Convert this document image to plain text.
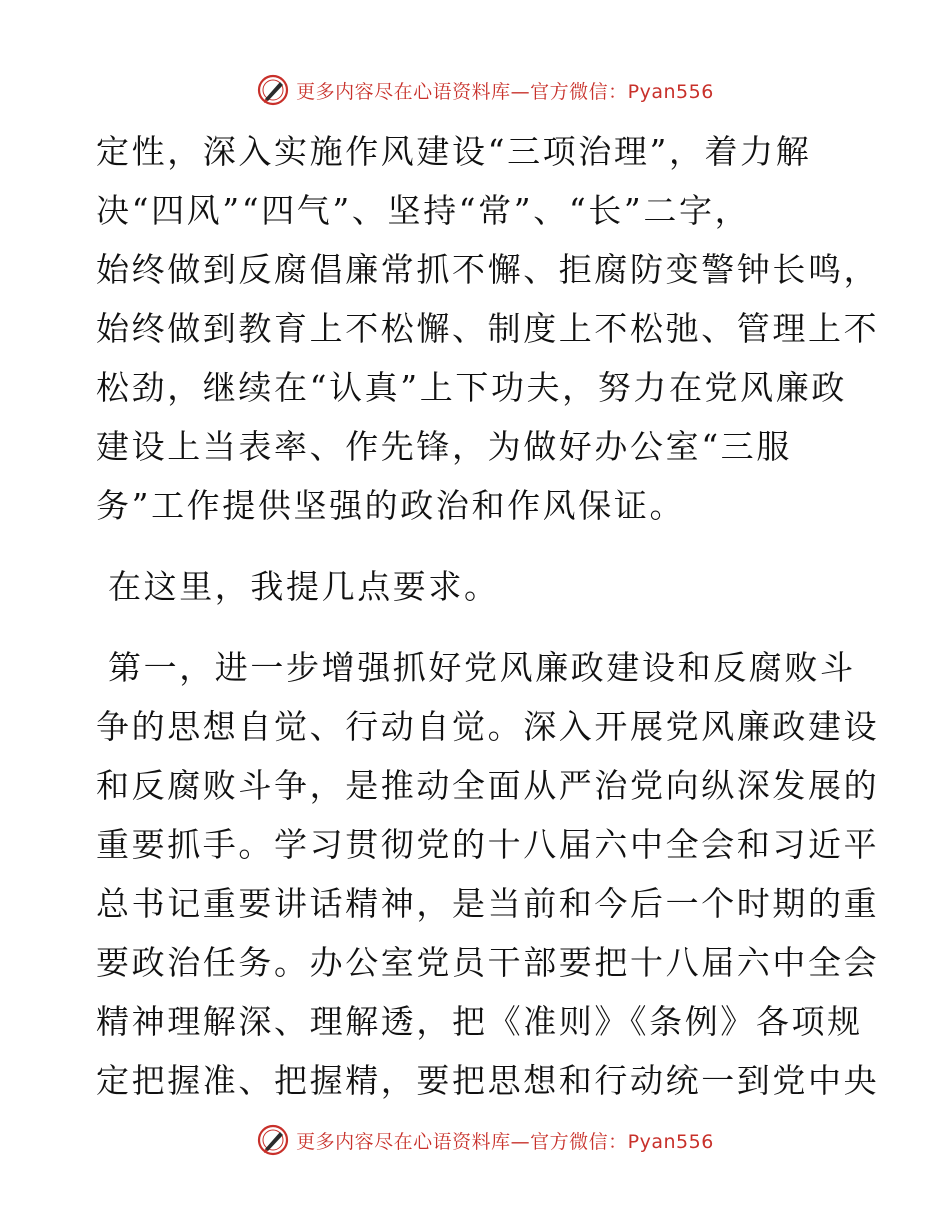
更多内容尽在心语资料库—官方微信：Pyan556
定性，深入实施作风建设“三项治理”，着力解
决“四风”“四气”、坚持“常”、“长”二字，
始终做到反腐倡廉常抓不懈、拒腐防变警钟长鸣，
始终做到教育上不松懈、制度上不松弛、管理上不
松劲，继续在“认真”上下功夫，努力在党风廉政
建设上当表率、作先锋，为做好办公室“三服
务”工作提供坚强的政治和作风保证。
在这里，我提几点要求。
第一，进一步增强抓好党风廉政建设和反腐败斗
争的思想自觉、行动自觉。深入开展党风廉政建设
和反腐败斗争，是推动全面从严治党向纵深发展的
重要抓手。学习贯彻党的十八届六中全会和习近平
总书记重要讲话精神，是当前和今后一个时期的重
要政治任务。办公室党员干部要把十八届六中全会
精神理解深、理解透，把《准则》《条例》各项规
定把握准、把握精，要把思想和行动统一到党中央
更多内容尽在心语资料库—官方微信：Pyan556
